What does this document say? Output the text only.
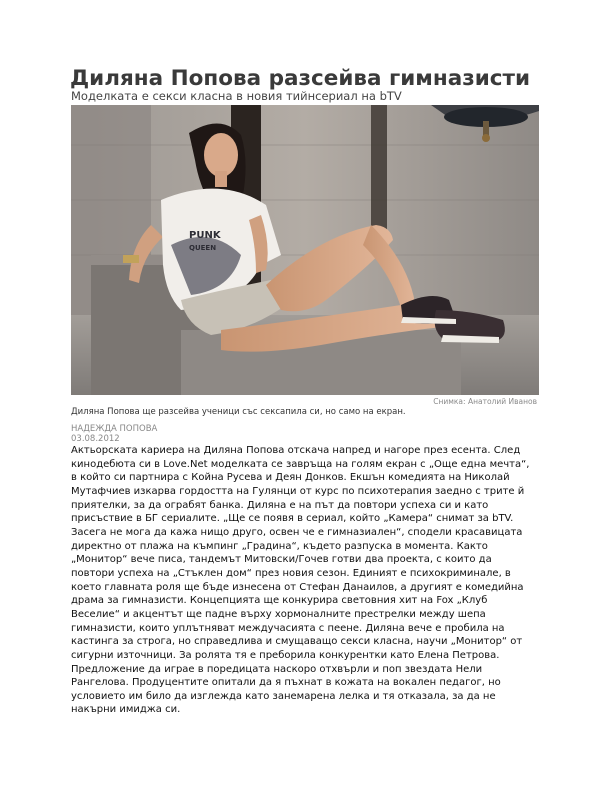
Диляна Попова разсейва гимназисти
Моделката е секси класна в новия тийнсериал на bTV
PUNK
QUEEN
Снимка: Анатолий Иванов
Диляна Попова ще разсейва ученици със сексапила си, но само на екран.
НАДЕЖДА ПОПОВА
03.08.2012
Актьорската кариера на Диляна Попова отскача напред и нагоре през есента. След
кинодебюта си в Love.Net моделката се завръща на голям екран с „Още една мечта“,
в който си партнира с Койна Русева и Деян Донков. Екшън комедията на Николай
Мутафчиев изкарва гордостта на Гулянци от курс по психотерапия заедно с трите й
приятелки, за да ограбят банка. Диляна е на път да повтори успеха си и като
присъствие в БГ сериалите. „Ще се появя в сериал, който „Камера“ снимат за bTV.
Засега не мога да кажа нищо друго, освен че е гимназиален“, сподели красавицата
директно от плажа на къмпинг „Градина“, където разпуска в момента. Както
„Монитор“ вече писа, тандемът Митовски/Гочев готви два проекта, с които да
повтори успеха на „Стъклен дом“ през новия сезон. Единият е психокриминале, в
което главната роля ще бъде изнесена от Стефан Данаилов, а другият е комедийна
драма за гимназисти. Концепцията ще конкурира световния хит на Fox „Клуб
Веселие“ и акцентът ще падне върху хормоналните престрелки между шепа
гимназисти, които уплътняват междучасията с пеене. Диляна вече е пробила на
кастинга за строга, но справедлива и смущаващо секси класна, научи „Монитор“ от
сигурни източници. За ролята тя е преборила конкурентки като Елена Петрова.
Предложение да играе в поредицата наскоро отхвърли и поп звездата Нели
Рангелова. Продуцентите опитали да я пъхнат в кожата на вокален педагог, но
условието им било да изглежда като занемарена лелка и тя отказала, за да не
накърни имиджа си.
